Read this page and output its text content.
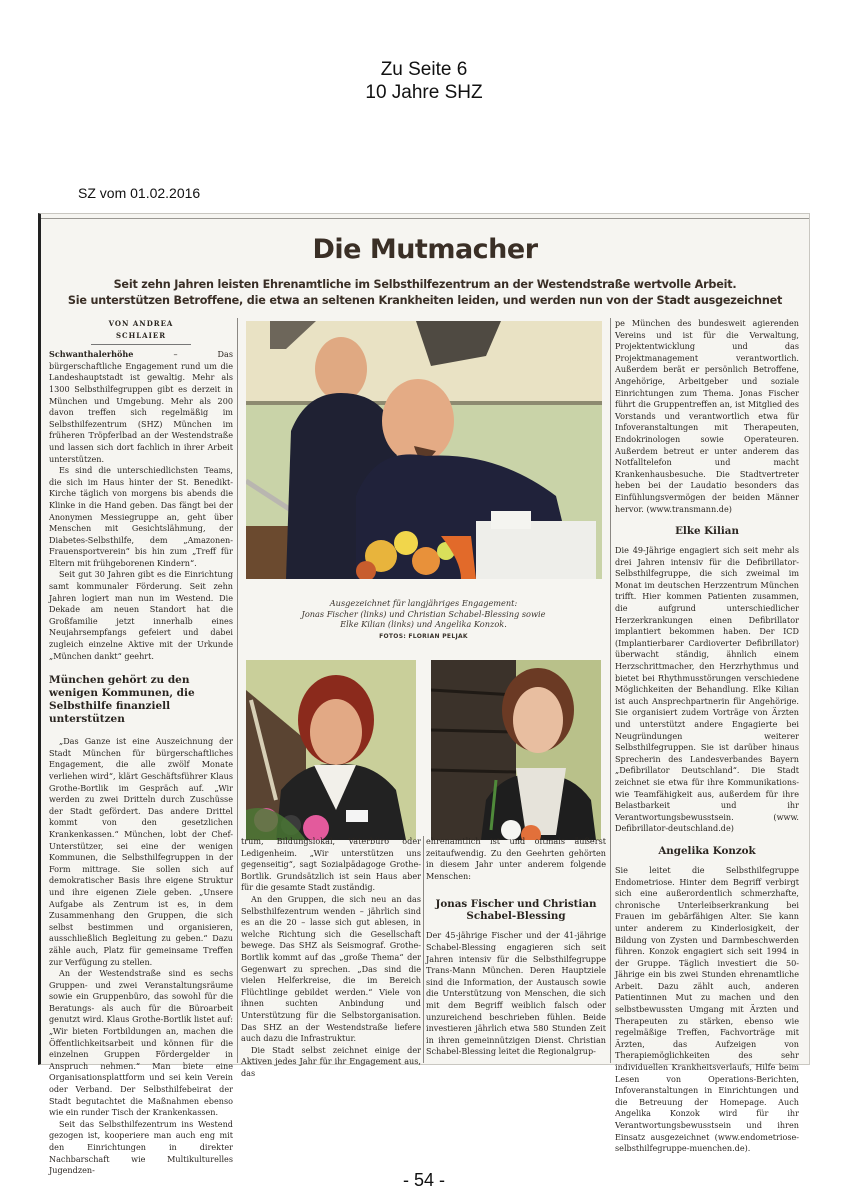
Zu Seite 6
10 Jahre SHZ
SZ vom 01.02.2016
Die Mutmacher
Seit zehn Jahren leisten Ehrenamtliche im Selbsthilfezentrum an der Westendstraße wertvolle Arbeit.
Sie unterstützen Betroffene, die etwa an seltenen Krankheiten leiden, und werden nun von der Stadt ausgezeichnet
VON ANDREA SCHLAIER

Schwanthalerhöhe – Das bürgerschaftliche Engagement rund um die Landeshauptstadt ist gewaltig. Mehr als 1300 Selbsthilfegruppen gibt es derzeit in München und Umgebung. Mehr als 200 davon treffen sich regelmäßig im Selbsthilfezentrum (SHZ) München im früheren Tröpferlbad an der Westendstraße und lassen sich dort fachlich in ihrer Arbeit unterstützen.

Es sind die unterschiedlichsten Teams, die sich im Haus hinter der St. Benedikt-Kirche täglich von morgens bis abends die Klinke in die Hand geben. Das fängt bei der Anonymen Messiegruppe an, geht über Menschen mit Gesichtslähmung, der Diabetes-Selbsthilfe, dem „Amazonen-Frauensportverein“ bis hin zum „Treff für Eltern mit frühgeborenen Kindern“.

Seit gut 30 Jahren gibt es die Einrichtung samt kommunaler Förderung. Seit zehn Jahren logiert man nun im Westend. Die Dekade am neuen Standort hat die Großfamilie jetzt innerhalb eines Neujahrsempfangs gefeiert und dabei zugleich einzelne Aktive mit der Urkunde „München dankt“ geehrt.

München gehört zu den wenigen Kommunen, die Selbsthilfe finanziell unterstützen

„Das Ganze ist eine Auszeichnung der Stadt München für bürgerschaftliches Engagement, die alle zwölf Monate verliehen wird“, klärt Geschäftsführer Klaus Grothe-Bortlik im Gespräch auf. „Wir werden zu zwei Dritteln durch Zuschüsse der Stadt gefördert. Das andere Drittel kommt von den gesetzlichen Krankenkassen.“ München, lobt der Chef-Unterstützer, sei eine der wenigen Kommunen, die Selbsthilfegruppen in der Form mittrage. Sie sollen sich auf demokratischer Basis ihre eigene Struktur und ihre eigenen Ziele geben. „Unsere Aufgabe als Zentrum ist es, in dem Zusammenhang den Gruppen, die sich selbst bestimmen und organisieren, ausschließlich Begleitung zu geben.“ Dazu zähle auch, Platz für gemeinsame Treffen zur Verfügung zu stellen.

An der Westendstraße sind es sechs Gruppen- und zwei Veranstaltungsräume sowie ein Gruppenbüro, das sowohl für die Beratungs- als auch für die Büroarbeit genutzt wird. Klaus Grothe-Bortlik listet auf: „Wir bieten Fortbildungen an, machen die Öffentlichkeitsarbeit und können für die einzelnen Gruppen Fördergelder in Anspruch nehmen.“ Man biete eine Organisationsplattform und sei kein Verein oder Verband. Der Selbsthilfebeirat der Stadt begutachtet die Maßnahmen ebenso wie ein runder Tisch der Krankenkassen.

Seit das Selbsthilfezentrum ins Westend gezogen ist, kooperiere man auch eng mit den Einrichtungen in direkter Nachbarschaft wie Multikulturelles Jugendzen-

Ausgezeichnet für langjähriges Engagement:
Jonas Fischer (links) und Christian Schabel-Blessing sowie
Elke Kilian (links) und Angelika Konzok.
FOTOS: FLORIAN PELJAK

trum, Bildungslokal, Väterbüro oder Ledigenheim. „Wir unterstützen uns gegenseitig“, sagt Sozialpädagoge Grothe-Bortlik. Grundsätzlich ist sein Haus aber für die gesamte Stadt zuständig.

An den Gruppen, die sich neu an das Selbsthilfezentrum wenden – jährlich sind es an die 20 – lasse sich gut ablesen, in welche Richtung sich die Gesellschaft bewege. Das SHZ als Seismograf. Grothe-Bortlik kommt auf das „große Thema“ der Gegenwart zu sprechen. „Das sind die vielen Helferkreise, die im Bereich Flüchtlinge gebildet werden.“ Viele von ihnen suchten Anbindung und Unterstützung für die Selbstorganisation. Das SHZ an der Westendstraße liefere auch dazu die Infrastruktur.

Die Stadt selbst zeichnet einige der Aktiven jedes Jahr für ihr Engagement aus, das

ehrenamtlich ist und oftmals äußerst zeitaufwendig. Zu den Geehrten gehörten in diesem Jahr unter anderem folgende Menschen:

Jonas Fischer und Christian Schabel-Blessing

Der 45-jährige Fischer und der 41-jährige Schabel-Blessing engagieren sich seit Jahren intensiv für die Selbsthilfegruppe Trans-Mann München. Deren Hauptziele sind die Information, der Austausch sowie die Unterstützung von Menschen, die sich mit dem Begriff weiblich falsch oder unzureichend beschrieben fühlen. Beide investieren jährlich etwa 580 Stunden Zeit in ihren gemeinnützigen Dienst. Christian Schabel-Blessing leitet die Regionalgrup-

pe München des bundesweit agierenden Vereins und ist für die Verwaltung, Projektentwicklung und das Projektmanagement verantwortlich. Außerdem berät er persönlich Betroffene, Angehörige, Arbeitgeber und soziale Einrichtungen zum Thema. Jonas Fischer führt die Gruppentreffen an, ist Mitglied des Vorstands und verantwortlich etwa für Infoveranstaltungen mit Therapeuten, Endokrinologen sowie Operateuren. Außerdem betreut er unter anderem das Notfalltelefon und macht Krankenhausbesuche. Die Stadtvertreter heben bei der Laudatio besonders das Einfühlungsvermögen der beiden Männer hervor. (www.transmann.de)

Elke Kilian

Die 49-Jährige engagiert sich seit mehr als drei Jahren intensiv für die Defibrillator-Selbsthilfegruppe, die sich zweimal im Monat im deutschen Herzzentrum München trifft. Hier kommen Patienten zusammen, die aufgrund unterschiedlicher Herzerkrankungen einen Defibrillator implantiert bekommen haben. Der ICD (Implantierbarer Cardioverter Defibrillator) überwacht ständig, ähnlich einem Herzschrittmacher, den Herzrhythmus und bietet bei Rhythmusstörungen verschiedene Möglichkeiten der Behandlung. Elke Kilian ist auch Ansprechpartnerin für Angehörige. Sie organisiert zudem Vorträge von Ärzten und unterstützt andere Engagierte bei Neugründungen weiterer Selbsthilfegruppen. Sie ist darüber hinaus Sprecherin des Landesverbandes Bayern „Defibrillator Deutschland“. Die Stadt zeichnet sie etwa für ihre Kommunikations- wie Teamfähigkeit aus, außerdem für ihre Belastbarkeit und ihr Verantwortungsbewusstsein. (www. Defibrillator-deutschland.de)

Angelika Konzok

Sie leitet die Selbsthilfegruppe Endometriose. Hinter dem Begriff verbirgt sich eine außerordentlich schmerzhafte, chronische Unterleibserkrankung bei Frauen im gebärfähigen Alter. Sie kann unter anderem zu Kinderlosigkeit, der Bildung von Zysten und Darmbeschwerden führen. Konzok engagiert sich seit 1994 in der Gruppe. Täglich investiert die 50-Jährige ein bis zwei Stunden ehrenamtliche Arbeit. Dazu zählt auch, anderen Patientinnen Mut zu machen und den selbstbewussten Umgang mit Ärzten und Therapeuten zu stärken, ebenso wie regelmäßige Treffen, Fachvorträge mit Ärzten, das Aufzeigen von Therapiemöglichkeiten des sehr individuellen Krankheitsverlaufs, Hilfe beim Lesen von Operations-Berichten, Infoveranstaltungen in Einrichtungen und die Betreuung der Homepage. Auch Angelika Konzok wird für ihr Verantwortungsbewusstsein und ihren Einsatz ausgezeichnet (www.endometriose-selbsthilfegruppe-muenchen.de).

- 54 -
